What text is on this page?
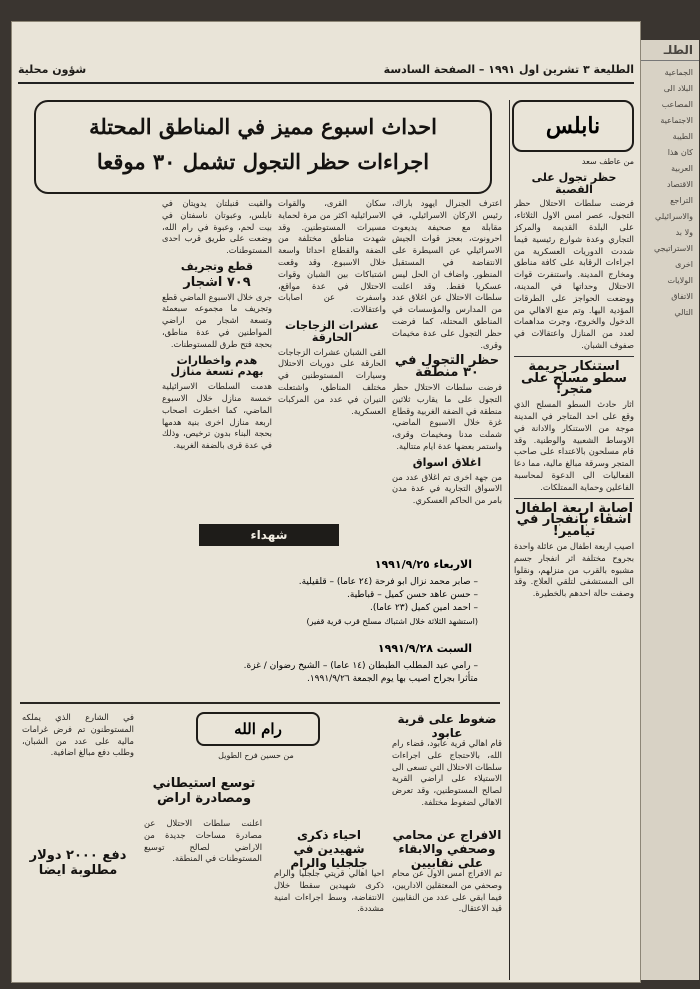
الطلـ

الجماعية

البلاد الى

المصاعب

الاجتماعية

الطيبة

كان هذا

العربية

الاقتصاد

التراجع

والاسرائيلي

ولا بد

الاستراتيجي

اخرى

الولايات

الاتفاق

التالي

الطليعة ٣ تشرين اول ١٩٩١ – الصفحة السادسة
شؤون محلية
احداث اسبوع مميز في المناطق المحتلة
اجراءات حظر التجول تشمل ٣٠ موقعا
نابلس

من عاطف سعد

حظر تجول على القصبة

فرضت سلطات الاحتلال حظر التجول، عصر امس الاول الثلاثاء، على البلدة القديمة والمركز التجاري وعدة شوارع رئيسية فيما شددت الدوريات العسكرية من اجراءات الرقابة على كافة مناطق ومخارج المدينة. واستنفرت قوات الاحتلال وحداتها في المدينة، ووضعت الحواجز على الطرقات المؤدية اليها. وتم منع الاهالي من الدخول والخروج، وجرت مداهمات لعدد من المنازل واعتقالات في صفوف الشبان.

استنكار جريمة سطو مسلح على متجر!

اثار حادث السطو المسلح الذي وقع على احد المتاجر في المدينة موجة من الاستنكار والادانة في الاوساط الشعبية والوطنية. وقد قام مسلحون بالاعتداء على صاحب المتجر وسرقة مبالغ مالية، مما دعا الفعاليات الى الدعوة لمحاسبة الفاعلين وحماية الممتلكات.

اصابة اربعة اطفال اشقاء بانفجار في تيامير!

اصيب اربعة اطفال من عائلة واحدة بجروح مختلفة اثر انفجار جسم مشبوه بالقرب من منزلهم، ونقلوا الى المستشفى لتلقي العلاج. وقد وصفت حالة احدهم بالخطيرة.

اعترف الجنرال ايهود باراك، رئيس الاركان الاسرائيلي، في مقابلة مع صحيفة يديعوت احرونوت، بعجز قوات الجيش الاسرائيلي عن السيطرة على الانتفاضة في المستقبل المنظور. واضاف ان الحل ليس عسكريا فقط. وقد اعلنت سلطات الاحتلال عن اغلاق عدد من المدارس والمؤسسات في المناطق المحتلة، كما فرضت حظر التجول على عدة مخيمات وقرى.

حظر التجول في ٣٠ منطقة

فرضت سلطات الاحتلال حظر التجول على ما يقارب ثلاثين منطقة في الضفة الغربية وقطاع غزة خلال الاسبوع الماضي، شملت مدنا ومخيمات وقرى، واستمر بعضها عدة ايام متتالية.

اغلاق اسواق

من جهة اخرى تم اغلاق عدد من الاسواق التجارية في عدة مدن بامر من الحاكم العسكري.

سكان القرى، والقوات الاسرائيلية اكثر من مرة لحماية مسيرات المستوطنين. وقد شهدت مناطق مختلفة من الضفة والقطاع احداثا واسعة خلال الاسبوع. وقد وقعت اشتباكات بين الشبان وقوات الاحتلال في عدة مواقع، واسفرت عن اصابات واعتقالات.

عشرات الزجاجات الحارقة

القى الشبان عشرات الزجاجات الحارقة على دوريات الاحتلال وسيارات المستوطنين في مختلف المناطق، واشتعلت النيران في عدد من المركبات العسكرية.

والقيت قنبلتان يدويتان في نابلس، وعبوتان ناسفتان في بيت لحم، وعبوة في رام الله، وضعت على طريق قرب احدى المستوطنات.

قطع وتجريف
٧٠٩ اشجار

جرى خلال الاسبوع الماضي قطع وتجريف ما مجموعه سبعمئة وتسعة اشجار من اراضي المواطنين في عدة مناطق، بحجة فتح طرق للمستوطنات.

هدم واخطارات بهدم تسعة منازل

هدمت السلطات الاسرائيلية خمسة منازل خلال الاسبوع الماضي، كما اخطرت اصحاب اربعة منازل اخرى بنية هدمها بحجة البناء بدون ترخيص، وذلك في عدة قرى بالضفة الغربية.

شهداء
الاربعاء ١٩٩١/٩/٢٥
– صابر محمد نزال ابو فرحة (٢٤ عاما) – قلقيلية.
– حسن عاهد حسن كميل – قباطية.
– احمد امين كميل (٢٣ عاما).
(استشهد الثلاثة خلال اشتباك مسلح قرب قرية قفير)
السبت ١٩٩١/٩/٢٨
– رامي عبد المطلب الطبطان (١٤ عاما) – الشيخ رضوان / غزة.
متأثرا بجراح اصيب بها يوم الجمعة ١٩٩١/٩/٢٦.
رام الله
من حسين فرح الطويل
ضغوط على قرية عابود

قام اهالي قرية عابود، قضاء رام الله، بالاحتجاج على اجراءات سلطات الاحتلال التي تسعى الى الاستيلاء على اراضي القرية لصالح المستوطنين، وقد تعرض الاهالي لضغوط مختلفة.

الافراج عن محامي وصحفي والابقاء على نقابيين

تم الافراج امس الاول عن محام وصحفي من المعتقلين الاداريين، فيما ابقي على عدد من النقابيين قيد الاعتقال.

احياء ذكرى شهيدين في جلجليا والرام

احيا اهالي قريتي جلجليا والرام ذكرى شهيدين سقطا خلال الانتفاضة، وسط اجراءات امنية مشددة.

توسع استيطاني ومصادرة اراض

اعلنت سلطات الاحتلال عن مصادرة مساحات جديدة من الاراضي لصالح توسيع المستوطنات في المنطقة.

في الشارع الذي يملكه المستوطنون تم فرض غرامات مالية على عدد من الشبان، وطلب دفع مبالغ اضافية.

دفع ٢٠٠٠ دولار مطلوبة ايضا
